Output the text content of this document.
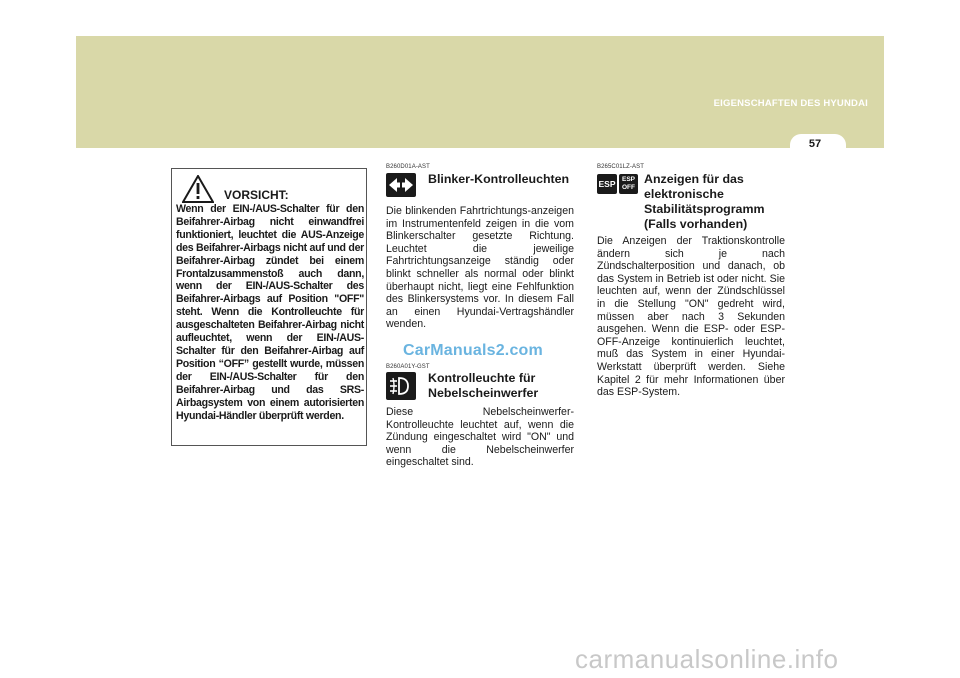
EIGENSCHAFTEN DES HYUNDAI 1
57
VORSICHT:
Wenn der EIN-/AUS-Schalter für den Beifahrer-Airbag nicht einwandfrei funktioniert, leuchtet die AUS-Anzeige des Beifahrer-Airbags nicht auf und der Beifahrer-Airbag zündet bei einem Frontalzusammenstoß auch dann, wenn der EIN-/AUS-Schalter des Beifahrer-Airbags auf Position "OFF" steht. Wenn die Kontrolleuchte für ausgeschalteten Beifahrer-Airbag nicht aufleuchtet, wenn der EIN-/AUS-Schalter für den Beifahrer-Airbag auf Position “OFF” gestellt wurde, müssen der EIN-/AUS-Schalter für den Beifahrer-Airbag und das SRS-Airbagsystem von einem autorisierten Hyundai-Händler überprüft werden.
B260D01A-AST
Blinker-Kontrolleuchten
Die blinkenden Fahrtrichtungs-anzeigen im Instrumentenfeld zeigen in die vom Blinkerschalter gesetzte Richtung. Leuchtet die jeweilige Fahrtrichtungsanzeige ständig oder blinkt schneller als normal oder blinkt überhaupt nicht, liegt eine Fehlfunktion des Blinkersystems vor. In diesem Fall an einen Hyundai-Vertragshändler wenden.
CarManuals2.com
B260A01Y-GST
Kontrolleuchte für Nebelscheinwerfer
Diese Nebelscheinwerfer-Kontrolleuchte leuchtet auf, wenn die Zündung eingeschaltet wird "ON" und wenn die Nebelscheinwerfer eingeschaltet sind.
B265C01LZ-AST
ESP ESP
OFF
Anzeigen für das elektronische Stabilitätsprogramm (Falls vorhanden)
Die Anzeigen der Traktionskontrolle ändern sich je nach Zündschalterposition und danach, ob das System in Betrieb ist oder nicht. Sie leuchten auf, wenn der Zündschlüssel in die Stellung "ON" gedreht wird, müssen aber nach 3 Sekunden ausgehen. Wenn die ESP- oder ESP-OFF-Anzeige kontinuierlich leuchtet, muß das System in einer Hyundai-Werkstatt überprüft werden. Siehe Kapitel 2 für mehr Informationen über das ESP-System.
carmanualsonline.info
